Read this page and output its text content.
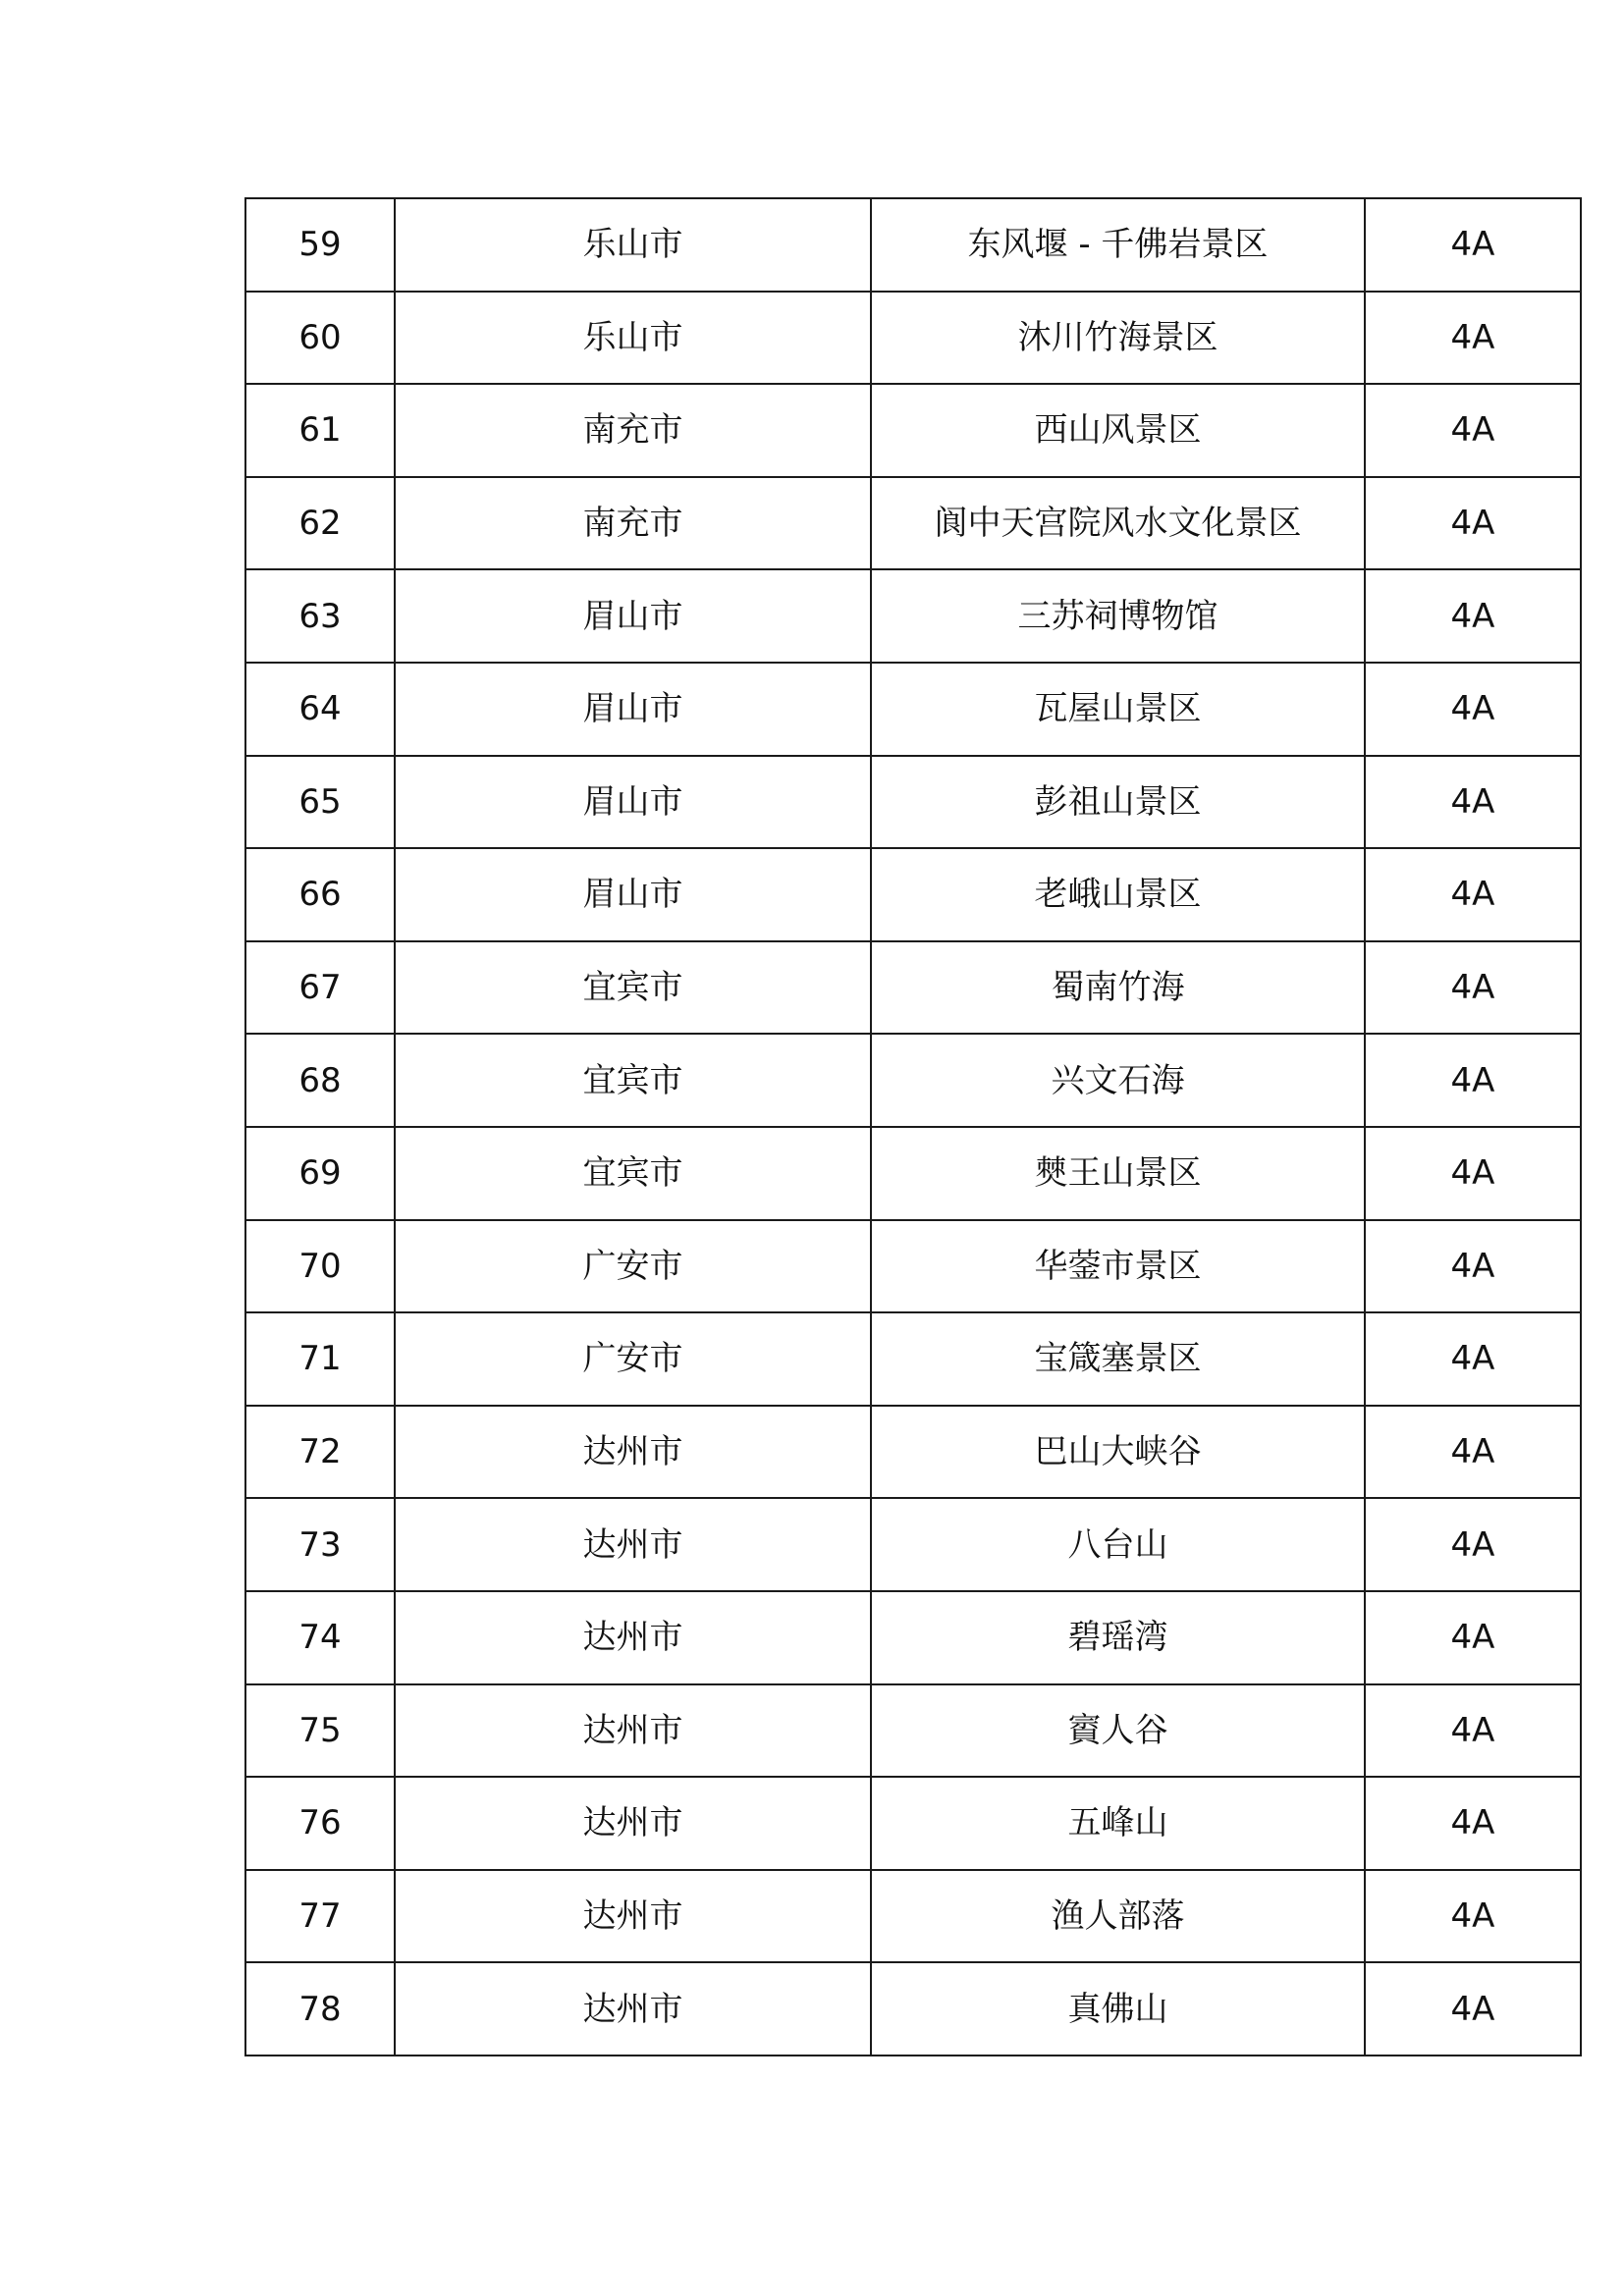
59	乐山市	东风堰 - 千佛岩景区	4A
60	乐山市	沐川竹海景区	4A
61	南充市	西山风景区	4A
62	南充市	阆中天宫院风水文化景区	4A
63	眉山市	三苏祠博物馆	4A
64	眉山市	瓦屋山景区	4A
65	眉山市	彭祖山景区	4A
66	眉山市	老峨山景区	4A
67	宜宾市	蜀南竹海	4A
68	宜宾市	兴文石海	4A
69	宜宾市	僰王山景区	4A
70	广安市	华蓥市景区	4A
71	广安市	宝箴塞景区	4A
72	达州市	巴山大峡谷	4A
73	达州市	八台山	4A
74	达州市	碧瑶湾	4A
75	达州市	賨人谷	4A
76	达州市	五峰山	4A
77	达州市	渔人部落	4A
78	达州市	真佛山	4A
